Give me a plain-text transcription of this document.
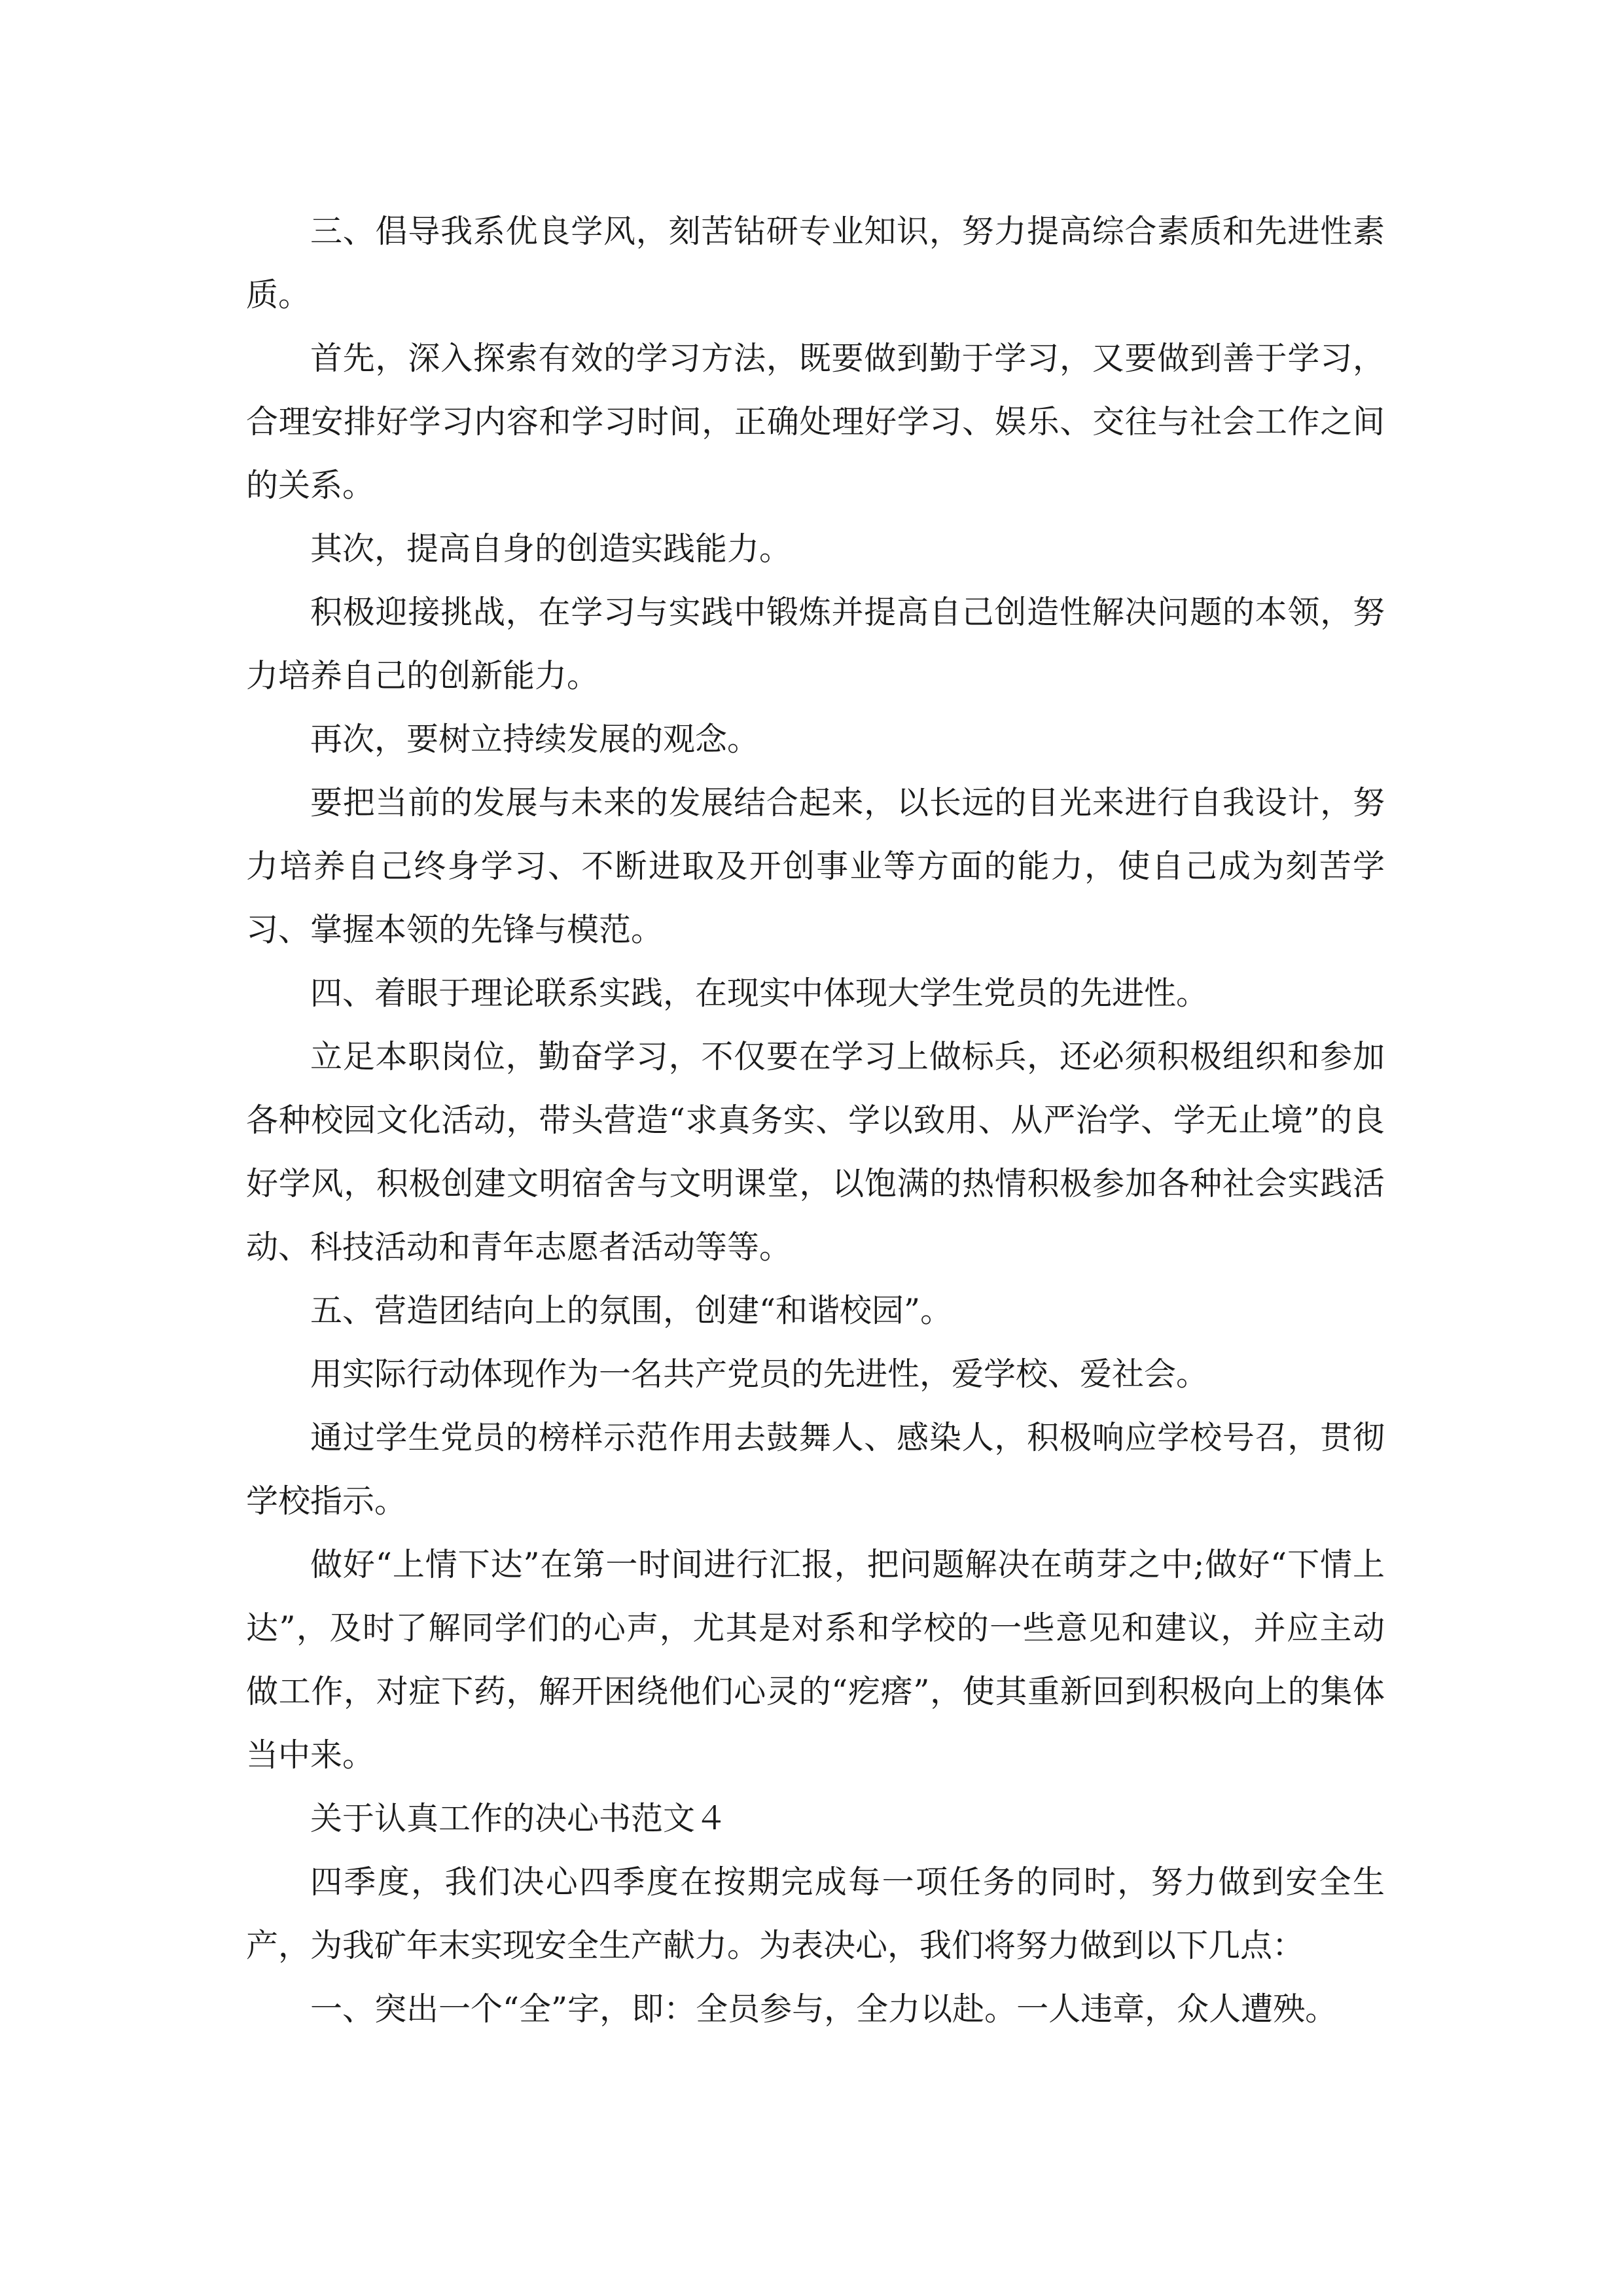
三、倡导我系优良学风，刻苦钻研专业知识，努力提高综合素质和先进性素质。

首先，深入探索有效的学习方法，既要做到勤于学习，又要做到善于学习，合理安排好学习内容和学习时间，正确处理好学习、娱乐、交往与社会工作之间的关系。

其次，提高自身的创造实践能力。

积极迎接挑战，在学习与实践中锻炼并提高自己创造性解决问题的本领，努力培养自己的创新能力。

再次，要树立持续发展的观念。

要把当前的发展与未来的发展结合起来，以长远的目光来进行自我设计，努力培养自己终身学习、不断进取及开创事业等方面的能力，使自己成为刻苦学习、掌握本领的先锋与模范。

四、着眼于理论联系实践，在现实中体现大学生党员的先进性。

立足本职岗位，勤奋学习，不仅要在学习上做标兵，还必须积极组织和参加各种校园文化活动，带头营造“求真务实、学以致用、从严治学、学无止境”的良好学风，积极创建文明宿舍与文明课堂，以饱满的热情积极参加各种社会实践活动、科技活动和青年志愿者活动等等。

五、营造团结向上的氛围，创建“和谐校园”。

用实际行动体现作为一名共产党员的先进性，爱学校、爱社会。

通过学生党员的榜样示范作用去鼓舞人、感染人，积极响应学校号召，贯彻学校指示。

做好“上情下达”在第一时间进行汇报，把问题解决在萌芽之中;做好“下情上达”，及时了解同学们的心声，尤其是对系和学校的一些意见和建议，并应主动做工作，对症下药，解开困绕他们心灵的“疙瘩”，使其重新回到积极向上的集体当中来。

关于认真工作的决心书范文４

四季度，我们决心四季度在按期完成每一项任务的同时，努力做到安全生产，为我矿年末实现安全生产献力。为表决心，我们将努力做到以下几点：

一、突出一个“全”字，即：全员参与，全力以赴。一人违章，众人遭殃。
